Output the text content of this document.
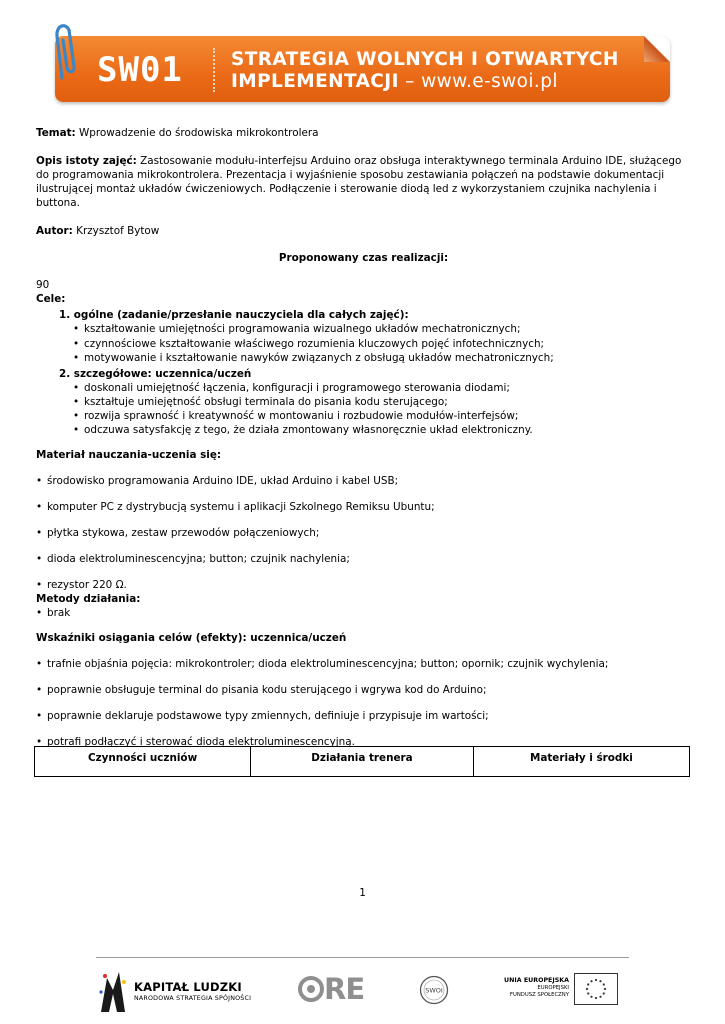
SW01	STRATEGIA WOLNYCH I OTWARTYCH
IMPLEMENTACJI – www.e-swoi.pl

Temat: Wprowadzenie do środowiska mikrokontrolera

Opis istoty zajęć: Zastosowanie modułu-interfejsu Arduino oraz obsługa interaktywnego terminala Arduino IDE, służącego do programowania mikrokontrolera. Prezentacja i wyjaśnienie sposobu zestawiania połączeń na podstawie dokumentacji ilustrującej montaż układów ćwiczeniowych. Podłączenie i sterowanie diodą led z wykorzystaniem czujnika nachylenia i buttona.

Autor: Krzysztof Bytow

Proponowany czas realizacji:

90

Cele:

1. ogólne (zadanie/przesłanie nauczyciela dla całych zajęć):

• kształtowanie umiejętności programowania wizualnego układów mechatronicznych;

• czynnościowe kształtowanie właściwego rozumienia kluczowych pojęć infotechnicznych;

• motywowanie i kształtowanie nawyków związanych z obsługą układów mechatronicznych;

2. szczegółowe: uczennica/uczeń

• doskonali umiejętność łączenia, konfiguracji i programowego sterowania diodami;

• kształtuje umiejętność obsługi terminala do pisania kodu sterującego;

• rozwija sprawność i kreatywność w montowaniu i rozbudowie modułów-interfejsów;

• odczuwa satysfakcję z tego, że działa zmontowany własnoręcznie układ elektroniczny.

Materiał nauczania-uczenia się:

• środowisko programowania Arduino IDE, układ Arduino i kabel USB;

• komputer PC z dystrybucją systemu i aplikacji Szkolnego Remiksu Ubuntu;

• płytka stykowa, zestaw przewodów połączeniowych;

• dioda elektroluminescencyjna; button; czujnik nachylenia;

• rezystor 220 Ω.

Metody działania:

• brak

Wskaźniki osiągania celów (efekty): uczennica/uczeń

• trafnie objaśnia pojęcia: mikrokontroler; dioda elektroluminescencyjna; button; opornik; czujnik wychylenia;

• poprawnie obsługuje terminal do pisania kodu sterującego i wgrywa kod do Arduino;

• poprawnie deklaruje podstawowe typy zmiennych, definiuje i przypisuje im wartości;

• potrafi podłączyć i sterować diodą elektroluminescencyjną.

Czynności uczniów	Działania trenera	Materiały i środki
1
KAPITAŁ LUDZKI
NARODOWA STRATEGIA SPÓJNOŚCI	RE	SWOI
UNIA EUROPEJSKA
EUROPEJSKI
FUNDUSZ SPOŁECZNY
